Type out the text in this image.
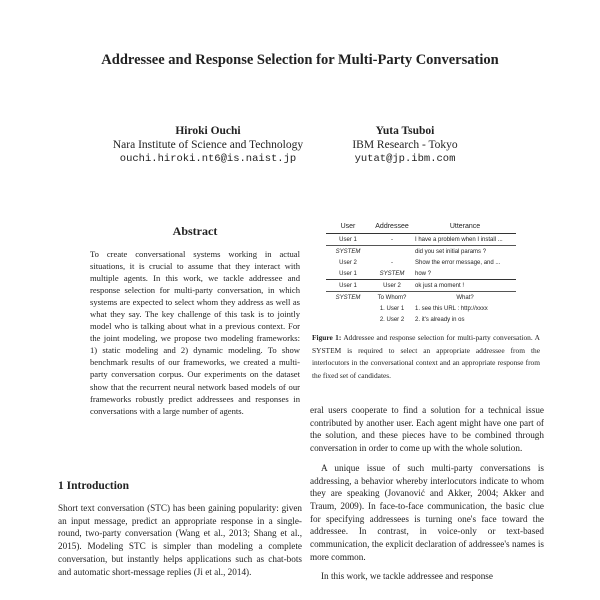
Addressee and Response Selection for Multi-Party Conversation
Hiroki Ouchi
Nara Institute of Science and Technology
ouchi.hiroki.nt6@is.naist.jp
Yuta Tsuboi
IBM Research - Tokyo
yutat@jp.ibm.com
Abstract
To create conversational systems working in actual situations, it is crucial to assume that they interact with multiple agents. In this work, we tackle addressee and response selection for multi-party conversation, in which systems are expected to select whom they address as well as what they say. The key challenge of this task is to jointly model who is talking about what in a previous context. For the joint modeling, we propose two modeling frameworks: 1) static modeling and 2) dynamic modeling. To show benchmark results of our frameworks, we created a multi-party conversation corpus. Our experiments on the dataset show that the recurrent neural network based models of our frameworks robustly predict addressees and responses in conversations with a large number of agents.
1 Introduction
Short text conversation (STC) has been gaining popularity: given an input message, predict an appropriate response in a single-round, two-party conversation (Wang et al., 2013; Shang et al., 2015). Modeling STC is simpler than modeling a complete conversation, but instantly helps applications such as chat-bots and automatic short-message replies (Ji et al., 2014).
User	Addressee	Utterance
User 1	-	I have a problem when I install ...
SYSTEM		did you set initial params ?
User 2	-	Show the error message, and ...
User 1	SYSTEM	how ?
User 1	User 2	ok just a moment !
SYSTEM	To Whom?	What?
	1. User 1	1. see this URL : http://xxxx
	2. User 2	2. it's already in os
Figure 1: Addressee and response selection for multi-party conversation. A SYSTEM is required to select an appropriate addressee from the interlocutors in the conversational context and an appropriate response from the fixed set of candidates.

eral users cooperate to find a solution for a technical issue contributed by another user. Each agent might have one part of the solution, and these pieces have to be combined through conversation in order to come up with the whole solution.

A unique issue of such multi-party conversations is addressing, a behavior whereby interlocutors indicate to whom they are speaking (Jovanović and Akker, 2004; Akker and Traum, 2009). In face-to-face communication, the basic clue for specifying addressees is turning one's face toward the addressee. In contrast, in voice-only or text-based communication, the explicit declaration of addressee's names is more common.

In this work, we tackle addressee and response
